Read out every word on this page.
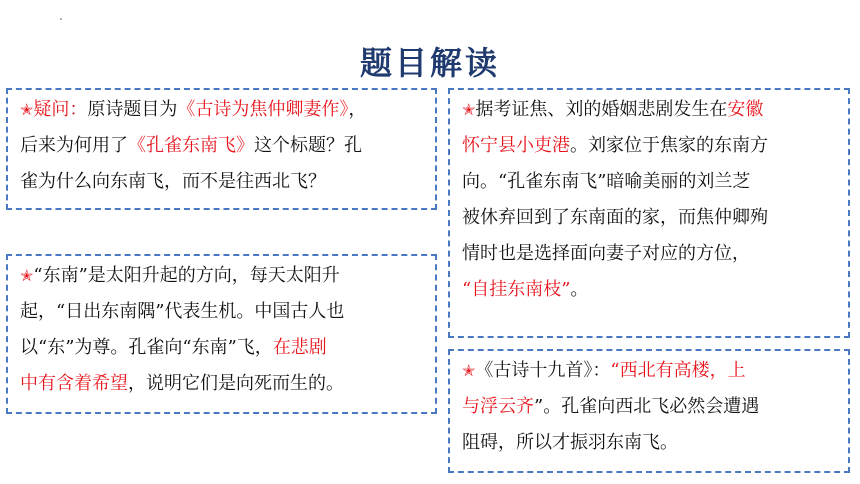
题目解读
✭疑问：原诗题目为《古诗为焦仲卿妻作》，
后来为何用了《孔雀东南飞》这个标题？孔
雀为什么向东南飞，而不是往西北飞？
✭“东南”是太阳升起的方向，每天太阳升
起，“日出东南隅”代表生机。中国古人也
以“东”为尊。孔雀向“东南”飞，在悲剧
中有含着希望，说明它们是向死而生的。
✭据考证焦、刘的婚姻悲剧发生在安徽
怀宁县小吏港。刘家位于焦家的东南方
向。“孔雀东南飞”暗喻美丽的刘兰芝
被休弃回到了东南面的家，而焦仲卿殉
情时也是选择面向妻子对应的方位，
“自挂东南枝”。
✭《古诗十九首》：“西北有高楼，上
与浮云齐”。孔雀向西北飞必然会遭遇
阻碍，所以才振羽东南飞。
